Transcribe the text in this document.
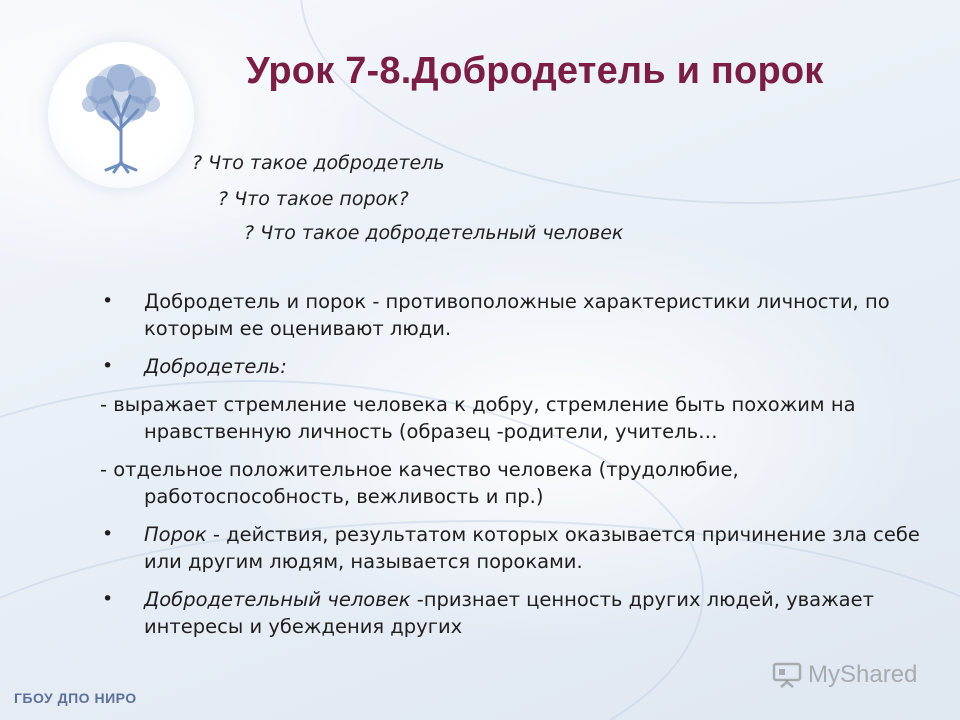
Урок 7-8.Добродетель и порок
? Что такое добродетель
? Что такое порок?
? Что такое добродетельный человек
• Добродетель и порок - противоположные характеристики личности, по которым ее оценивают люди.
• Добродетель:
- выражает стремление человека к добру, стремление быть похожим на нравственную личность (образец -родители, учитель…
- отдельное положительное качество человека (трудолюбие, работоспособность, вежливость и пр.)
• Порок - действия, результатом которых оказывается причинение зла себе или другим людям, называется пороками.
• Добродетельный человек -признает ценность других людей, уважает интересы и убеждения других
ГБОУ ДПО НИРО
MyShared
